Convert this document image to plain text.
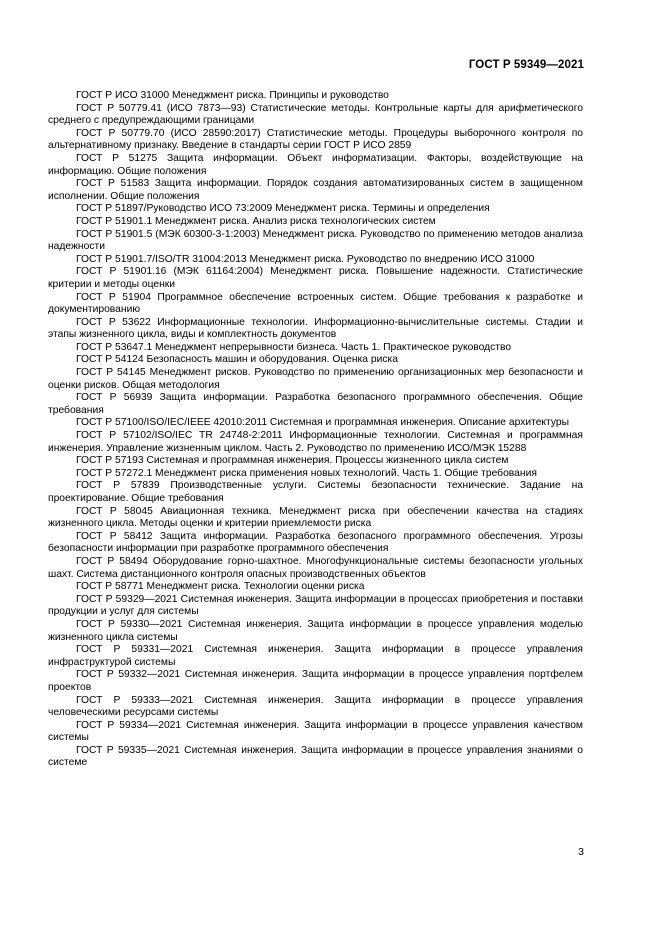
ГОСТ Р 59349—2021

ГОСТ Р ИСО 31000 Менеджмент риска. Принципы и руководство

ГОСТ Р 50779.41 (ИСО 7873—93) Статистические методы. Контрольные карты для арифметического среднего с предупреждающими границами

ГОСТ Р 50779.70 (ИСО 28590:2017) Статистические методы. Процедуры выборочного контроля по альтернативному признаку. Введение в стандарты серии ГОСТ Р ИСО 2859

ГОСТ Р 51275 Защита информации. Объект информатизации. Факторы, воздействующие на информацию. Общие положения

ГОСТ Р 51583 Защита информации. Порядок создания автоматизированных систем в защищенном исполнении. Общие положения

ГОСТ Р 51897/Руководство ИСО 73:2009 Менеджмент риска. Термины и определения

ГОСТ Р 51901.1 Менеджмент риска. Анализ риска технологических систем

ГОСТ Р 51901.5 (МЭК 60300-3-1:2003) Менеджмент риска. Руководство по применению методов анализа надежности

ГОСТ Р 51901.7/ISO/TR 31004:2013 Менеджмент риска. Руководство по внедрению ИСО 31000

ГОСТ Р 51901.16 (МЭК 61164:2004) Менеджмент риска. Повышение надежности. Статистические критерии и методы оценки

ГОСТ Р 51904 Программное обеспечение встроенных систем. Общие требования к разработке и документированию

ГОСТ Р 53622 Информационные технологии. Информационно-вычислительные системы. Стадии и этапы жизненного цикла, виды и комплектность документов

ГОСТ Р 53647.1 Менеджмент непрерывности бизнеса. Часть 1. Практическое руководство

ГОСТ Р 54124 Безопасность машин и оборудования. Оценка риска

ГОСТ Р 54145 Менеджмент рисков. Руководство по применению организационных мер безопасности и оценки рисков. Общая методология

ГОСТ Р 56939 Защита информации. Разработка безопасного программного обеспечения. Общие требования

ГОСТ Р 57100/ISO/IEC/IEEE 42010:2011 Системная и программная инженерия. Описание архитектуры

ГОСТ Р 57102/ISO/IEC TR 24748-2:2011 Информационные технологии. Системная и программная инженерия. Управление жизненным циклом. Часть 2. Руководство по применению ИСО/МЭК 15288

ГОСТ Р 57193 Системная и программная инженерия. Процессы жизненного цикла систем

ГОСТ Р 57272.1 Менеджмент риска применения новых технологий. Часть 1. Общие требования

ГОСТ Р 57839 Производственные услуги. Системы безопасности технические. Задание на проектирование. Общие требования

ГОСТ Р 58045 Авиационная техника. Менеджмент риска при обеспечении качества на стадиях жизненного цикла. Методы оценки и критерии приемлемости риска

ГОСТ Р 58412 Защита информации. Разработка безопасного программного обеспечения. Угрозы безопасности информации при разработке программного обеспечения

ГОСТ Р 58494 Оборудование горно-шахтное. Многофункциональные системы безопасности угольных шахт. Система дистанционного контроля опасных производственных объектов

ГОСТ Р 58771 Менеджмент риска. Технологии оценки риска

ГОСТ Р 59329—2021 Системная инженерия. Защита информации в процессах приобретения и поставки продукции и услуг для системы

ГОСТ Р 59330—2021 Системная инженерия. Защита информации в процессе управления моделью жизненного цикла системы

ГОСТ Р 59331—2021 Системная инженерия. Защита информации в процессе управления инфраструктурой системы

ГОСТ Р 59332—2021 Системная инженерия. Защита информации в процессе управления портфелем проектов

ГОСТ Р 59333—2021 Системная инженерия. Защита информации в процессе управления человеческими ресурсами системы

ГОСТ Р 59334—2021 Системная инженерия. Защита информации в процессе управления качеством системы

ГОСТ Р 59335—2021 Системная инженерия. Защита информации в процессе управления знаниями о системе

3
